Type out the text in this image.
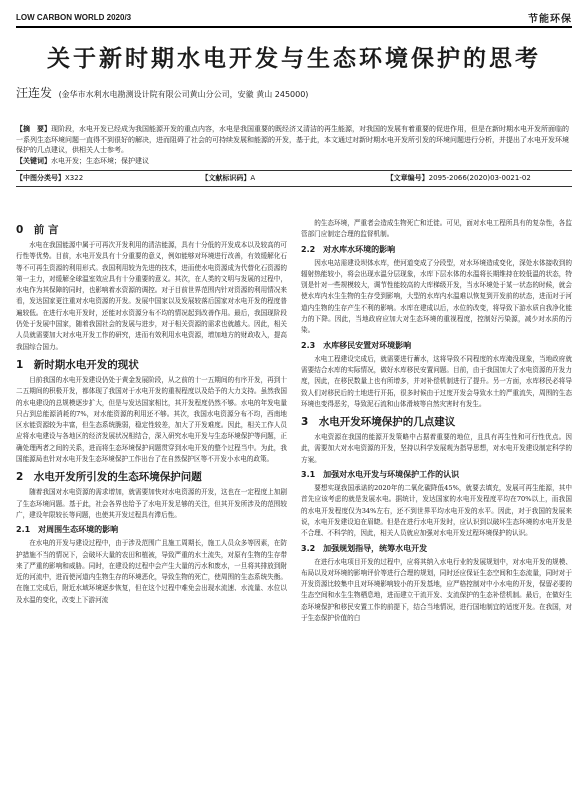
LOW CARBON WORLD 2020/3	节能环保
关于新时期水电开发与生态环境保护的思考
汪连发 (金华市水利水电勘测设计院有限公司黄山分公司，安徽 黄山 245000)
【摘　要】现阶段，水电开发已经成为我国能源开发的重点内容，水电是我国重要的既经济又清洁的再生能源，对我国的发展有着重要的促进作用，但是在新时期水电开发所面临的一系列生态环境问题一直得不到很好的解决，进而阻碍了社会的可持续发展和能源的开发，基于此，本文通过对新时期水电开发所引发的环境问题进行分析，并提出了水电开发环境保护的几点建议，供相关人士参考。
【关键词】水电开发；生态环境；保护建议
【中图分类号】X322	【文献标识码】A	【文章编号】2095-2066(2020)03-0021-02
0　前 言

水电在我国能源中属于可再次开发利用的清洁能源，具有十分低的开发成本以及较高的可行性等优势。目前，水电开发具有十分重要的意义，例如能够对环境进行改善，有效缓解化石等不可再生资源的利用形式。我国利用较为先进的技术，进而使水电资源成为代替化石资源的第一主力，对缓解全球温室效应具有十分重要的意义。其次，在人类的文明与发展的过程中，水电作为其保障的同时，也影响着水资源的调控。对于目前世界范围内针对资源的利用情况来看，发达国家更注重对水电资源的开发。发展中国家以及发展较落后国家对水电开发的程度普遍较低。在进行水电开发时，还能对水资源分布不均的情况起到改善作用。最后，我国现阶段仍处于发展中国家，随着我国社会的发展与进步，对于相关资源的需求也就越大。因此，相关人员就需要加大对水电开发工作的研究，进而有效利用水电资源，增加地方的财政收入，提高我国综合国力。

1　新时期水电开发的现状

目前我国的水电开发建设仍处于黄金发展阶段，从之前的十一五期间的有序开发，再到十二五期间的积极开发，都体现了我国对于水电开发的重视程度以及给予的大力支持。虽然我国的水电建设的总规模逐步扩大，但是与发达国家相比，其开发程度仍然不够。水电的年发电量只占到总能源消耗的7%，对水能资源的利用还不够。其次，我国水电资源分布不均，西南地区水能资源较为丰富，但生态系统脆弱，稳定性较差，加大了开发难度。因此，相关工作人员应将水电建设与各地区的经济发展状况相结合，深入研究水电开发与生态环境保护等问题，正确处理两者之间的关系，进而将生态环境保护问题贯穿到水电开发的整个过程当中。为此，我国能源局也针对水电开发生态环境保护工作出台了在自然保护区等不开发小水电的政策。

2　水电开发所引发的生态环境保护问题

随着我国对水电资源的需求增加，就需要加快对水电资源的开发，这也在一定程度上加剧了生态环境问题。基于此，社会各界也给予了水电开发足够的关注，但其开发所涉及的范围较广，建设年限较长等问题，也使其开发过程具有滞后性。

2.1　对周围生态环境的影响

在水电的开发与建设过程中，由于涉及范围广且施工周期长，施工人员众多等因素，在防护措施不当的情况下，会破坏大量的农田和植被，导致严重的水土流失，对原有生物的生存带来了严重的影响和威胁。同时，在建设的过程中会产生大量的污水和废水，一旦将其排放到附近的河流中，进而使河道内生物生存的环境恶化，导致生物的死亡，使周围的生态系统失衡。在施工完成后，附近水域环境逐步恢复，但在这个过程中难免会出现水流速、水流量、水位以及水温的变化，改变上下游河流

的生态环境，严重者会造成生物死亡和迁徙。可见，面对水电工程所具有的复杂性，各监管部门应制定合理的监督机制。

2.2　对水库水环境的影响

因水电站需建设坝体水库，使河道变成了分段型，对水环境造成变化，深处水体接收到的辐射热能较小，将会出现水温分层现象，水库下层水体的水温将长期维持在较低温的状态，特别是针对一些规模较大，调节性能较高的大库梯级开发，当水环境处于某一状态的时候，就会使水库内水生生物的生存受到影响，大型的水库内水温难以恢复到开发前的状态，进而对于河道内生物的生存产生不利的影响。水库在建成以后，水位的改变，将导致下游水质自我净化能力的下降。因此，当地政府应加大对生态环境的重视程度，控制好污染源，减少对水质的污染。

2.3　水库移民安置对环境影响

水电工程建设完成后，就需要进行蓄水，这将导致不同程度的水库淹没现象，当地政府就需要结合水库的实际情况，做好水库移民安置问题。目前，由于我国加大了水电资源的开发力度，因此，在移民数量上也有所增多，并对补偿机制进行了提升。另一方面，水库移民必将导致人们对移民后的土地进行开拓，很多时候由于过度开发会导致水土的严重流失，周围的生态环境也变得恶劣，导致泥石流和山体滑坡等自然灾害时有发生。

3　水电开发环境保护的几点建议

水电资源在我国的能源开发策略中占据着重要的地位，且具有再生性和可行性优点。因此，需要加大对水电资源的开发，坚持以科学发展观为指导思想，对水电开发建设制定科学的方案。

3.1　加强对水电开发与环境保护工作的认识

要想实现我国承诺的2020年的二氧化碳降低45%，就要去填充，发展可再生能源，其中首先应该考虑的就是发展水电。据统计，发达国家的水电开发程度平均在70%以上，而我国的水电开发程度仅为34%左右，还不到世界平均水电开发的水平。因此，对于我国的发展来说，水电开发建设迫在眉睫。但是在进行水电开发时，应认识到以破坏生态环境的水电开发是不合理、不科学的，因此，相关人员就应加强对水电开发过程环境保护的认识。

3.2　加强规划指导，统筹水电开发

在进行水电项目开发的过程中，应将其纳入水电行业的发展规划中，对水电开发的规模、布局以及对环境的影响评价等进行合理的规划，同时还应保证生态空间和生态流量，同时对于开发资源比较集中且对环境影响较小的开发基地，应严格控制对中小水电的开发，保留必要的生态空间和水生生物栖息地，进而建立干流开发、支流保护的生态补偿机制。最后，在做好生态环境保护和移民安置工作的前提下，结合当地情况，进行国地制宜的适度开发。在我国，对于生态保护价值的白
